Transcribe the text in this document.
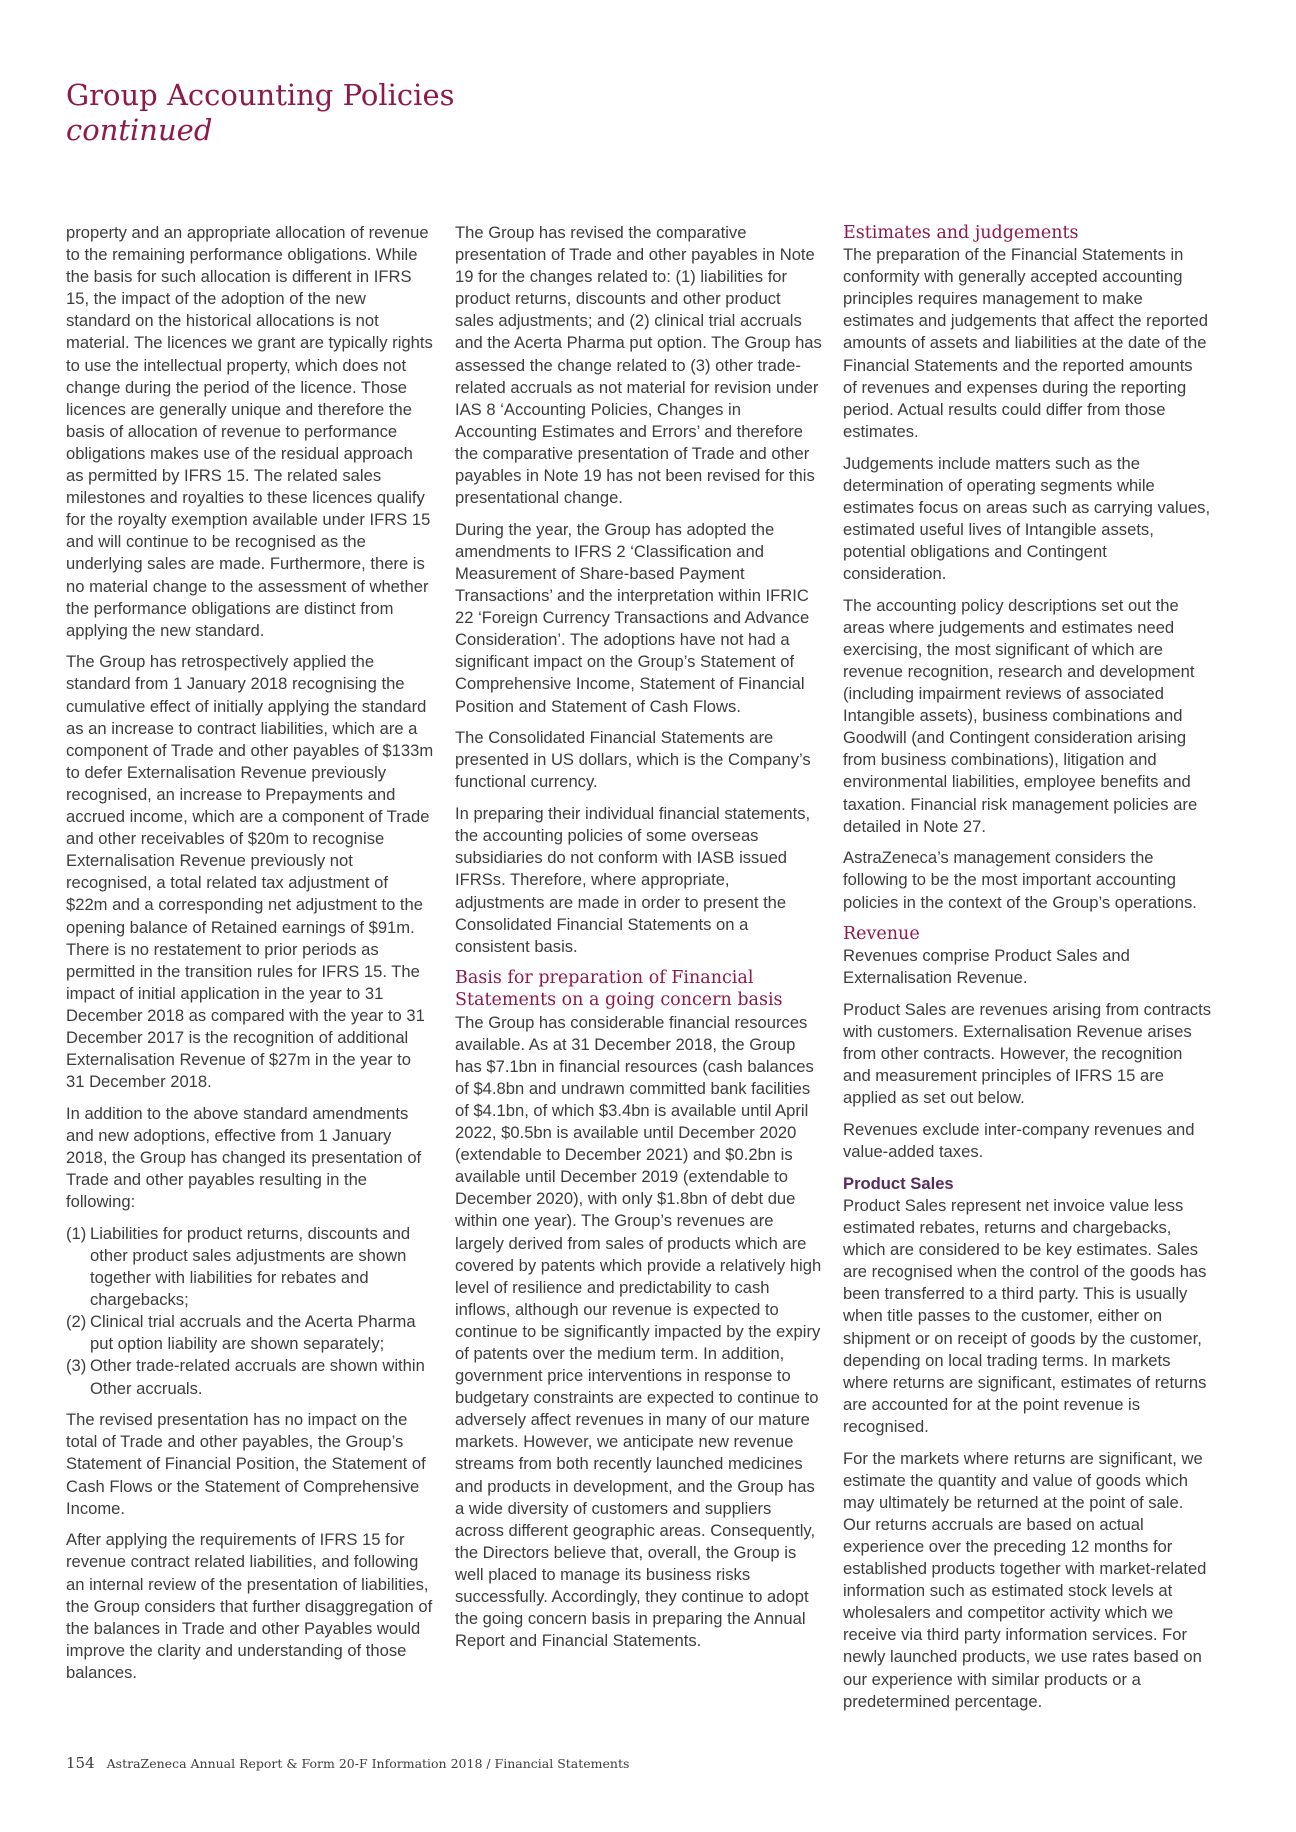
Group Accounting Policies
continued

property and an appropriate allocation of revenue to the remaining performance obligations. While the basis for such allocation is different in IFRS 15, the impact of the adoption of the new standard on the historical allocations is not material. The licences we grant are typically rights to use the intellectual property, which does not change during the period of the licence. Those licences are generally unique and therefore the basis of allocation of revenue to performance obligations makes use of the residual approach as permitted by IFRS 15. The related sales milestones and royalties to these licences qualify for the royalty exemption available under IFRS 15 and will continue to be recognised as the underlying sales are made. Furthermore, there is no material change to the assessment of whether the performance obligations are distinct from applying the new standard.

The Group has retrospectively applied the standard from 1 January 2018 recognising the cumulative effect of initially applying the standard as an increase to contract liabilities, which are a component of Trade and other payables of $133m to defer Externalisation Revenue previously recognised, an increase to Prepayments and accrued income, which are a component of Trade and other receivables of $20m to recognise Externalisation Revenue previously not recognised, a total related tax adjustment of $22m and a corresponding net adjustment to the opening balance of Retained earnings of $91m. There is no restatement to prior periods as permitted in the transition rules for IFRS 15. The impact of initial application in the year to 31 December 2018 as compared with the year to 31 December 2017 is the recognition of additional Externalisation Revenue of $27m in the year to 31 December 2018.

In addition to the above standard amendments and new adoptions, effective from 1 January 2018, the Group has changed its presentation of Trade and other payables resulting in the following:

(1) Liabilities for product returns, discounts and other product sales adjustments are shown together with liabilities for rebates and chargebacks;
(2) Clinical trial accruals and the Acerta Pharma put option liability are shown separately;
(3) Other trade-related accruals are shown within Other accruals.

The revised presentation has no impact on the total of Trade and other payables, the Group’s Statement of Financial Position, the Statement of Cash Flows or the Statement of Comprehensive Income.

After applying the requirements of IFRS 15 for revenue contract related liabilities, and following an internal review of the presentation of liabilities, the Group considers that further disaggregation of the balances in Trade and other Payables would improve the clarity and understanding of those balances.

The Group has revised the comparative presentation of Trade and other payables in Note 19 for the changes related to: (1) liabilities for product returns, discounts and other product sales adjustments; and (2) clinical trial accruals and the Acerta Pharma put option. The Group has assessed the change related to (3) other trade-related accruals as not material for revision under IAS 8 ‘Accounting Policies, Changes in Accounting Estimates and Errors’ and therefore the comparative presentation of Trade and other payables in Note 19 has not been revised for this presentational change.

During the year, the Group has adopted the amendments to IFRS 2 ‘Classification and Measurement of Share-based Payment Transactions’ and the interpretation within IFRIC 22 ‘Foreign Currency Transactions and Advance Consideration’. The adoptions have not had a significant impact on the Group’s Statement of Comprehensive Income, Statement of Financial Position and Statement of Cash Flows.

The Consolidated Financial Statements are presented in US dollars, which is the Company’s functional currency.

In preparing their individual financial statements, the accounting policies of some overseas subsidiaries do not conform with IASB issued IFRSs. Therefore, where appropriate, adjustments are made in order to present the Consolidated Financial Statements on a consistent basis.

Basis for preparation of Financial Statements on a going concern basis

The Group has considerable financial resources available. As at 31 December 2018, the Group has $7.1bn in financial resources (cash balances of $4.8bn and undrawn committed bank facilities of $4.1bn, of which $3.4bn is available until April 2022, $0.5bn is available until December 2020 (extendable to December 2021) and $0.2bn is available until December 2019 (extendable to December 2020), with only $1.8bn of debt due within one year). The Group’s revenues are largely derived from sales of products which are covered by patents which provide a relatively high level of resilience and predictability to cash inflows, although our revenue is expected to continue to be significantly impacted by the expiry of patents over the medium term. In addition, government price interventions in response to budgetary constraints are expected to continue to adversely affect revenues in many of our mature markets. However, we anticipate new revenue streams from both recently launched medicines and products in development, and the Group has a wide diversity of customers and suppliers across different geographic areas. Consequently, the Directors believe that, overall, the Group is well placed to manage its business risks successfully. Accordingly, they continue to adopt the going concern basis in preparing the Annual Report and Financial Statements.

Estimates and judgements

The preparation of the Financial Statements in conformity with generally accepted accounting principles requires management to make estimates and judgements that affect the reported amounts of assets and liabilities at the date of the Financial Statements and the reported amounts of revenues and expenses during the reporting period. Actual results could differ from those estimates.

Judgements include matters such as the determination of operating segments while estimates focus on areas such as carrying values, estimated useful lives of Intangible assets, potential obligations and Contingent consideration.

The accounting policy descriptions set out the areas where judgements and estimates need exercising, the most significant of which are revenue recognition, research and development (including impairment reviews of associated Intangible assets), business combinations and Goodwill (and Contingent consideration arising from business combinations), litigation and environmental liabilities, employee benefits and taxation. Financial risk management policies are detailed in Note 27.

AstraZeneca’s management considers the following to be the most important accounting policies in the context of the Group’s operations.

Revenue

Revenues comprise Product Sales and Externalisation Revenue.

Product Sales are revenues arising from contracts with customers. Externalisation Revenue arises from other contracts. However, the recognition and measurement principles of IFRS 15 are applied as set out below.

Revenues exclude inter-company revenues and value-added taxes.

Product Sales

Product Sales represent net invoice value less estimated rebates, returns and chargebacks, which are considered to be key estimates. Sales are recognised when the control of the goods has been transferred to a third party. This is usually when title passes to the customer, either on shipment or on receipt of goods by the customer, depending on local trading terms. In markets where returns are significant, estimates of returns are accounted for at the point revenue is recognised.

For the markets where returns are significant, we estimate the quantity and value of goods which may ultimately be returned at the point of sale. Our returns accruals are based on actual experience over the preceding 12 months for established products together with market-related information such as estimated stock levels at wholesalers and competitor activity which we receive via third party information services. For newly launched products, we use rates based on our experience with similar products or a predetermined percentage.

154 AstraZeneca Annual Report & Form 20-F Information 2018 / Financial Statements
